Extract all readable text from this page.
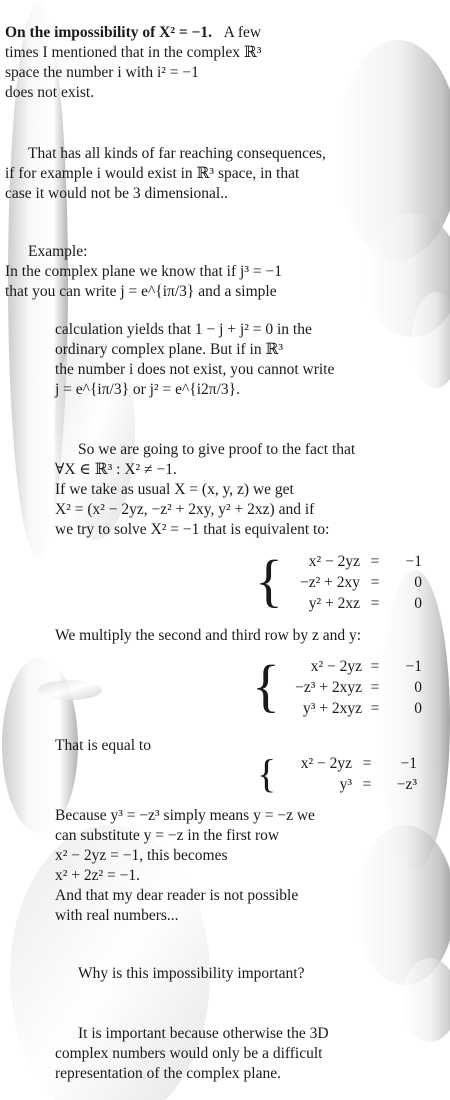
On the impossibility of X² = −1. A few
times I mentioned that in the complex ℝ³
space the number i with i² = −1
does not exist.
That has all kinds of far reaching consequences,
if for example i would exist in ℝ³ space, in that
case it would not be 3 dimensional..
Example:
In the complex plane we know that if j³ = −1
that you can write j = e^{iπ/3} and a simple
calculation yields that 1 − j + j² = 0 in the
ordinary complex plane. But if in ℝ³
the number i does not exist, you cannot write
j = e^{iπ/3} or j² = e^{i2π/3}.
So we are going to give proof to the fact that
∀X ∈ ℝ³ : X² ≠ −1.
If we take as usual X = (x, y, z) we get
X² = (x² − 2yz, −z² + 2xy, y² + 2xz) and if
we try to solve X² = −1 that is equivalent to:
{	x² − 2yz =	−1
−z² + 2xy =	0
y² + 2xz =	0
We multiply the second and third row by z and y:
{	x² − 2yz =	−1
−z³ + 2xyz =	0
y³ + 2xyz =	0
That is equal to
{	x² − 2yz =	−1
y³ =	−z³
Because y³ = −z³ simply means y = −z we
can substitute y = −z in the first row
x² − 2yz = −1, this becomes
x² + 2z² = −1.
And that my dear reader is not possible
with real numbers...
Why is this impossibility important?
It is important because otherwise the 3D
complex numbers would only be a difficult
representation of the complex plane.
